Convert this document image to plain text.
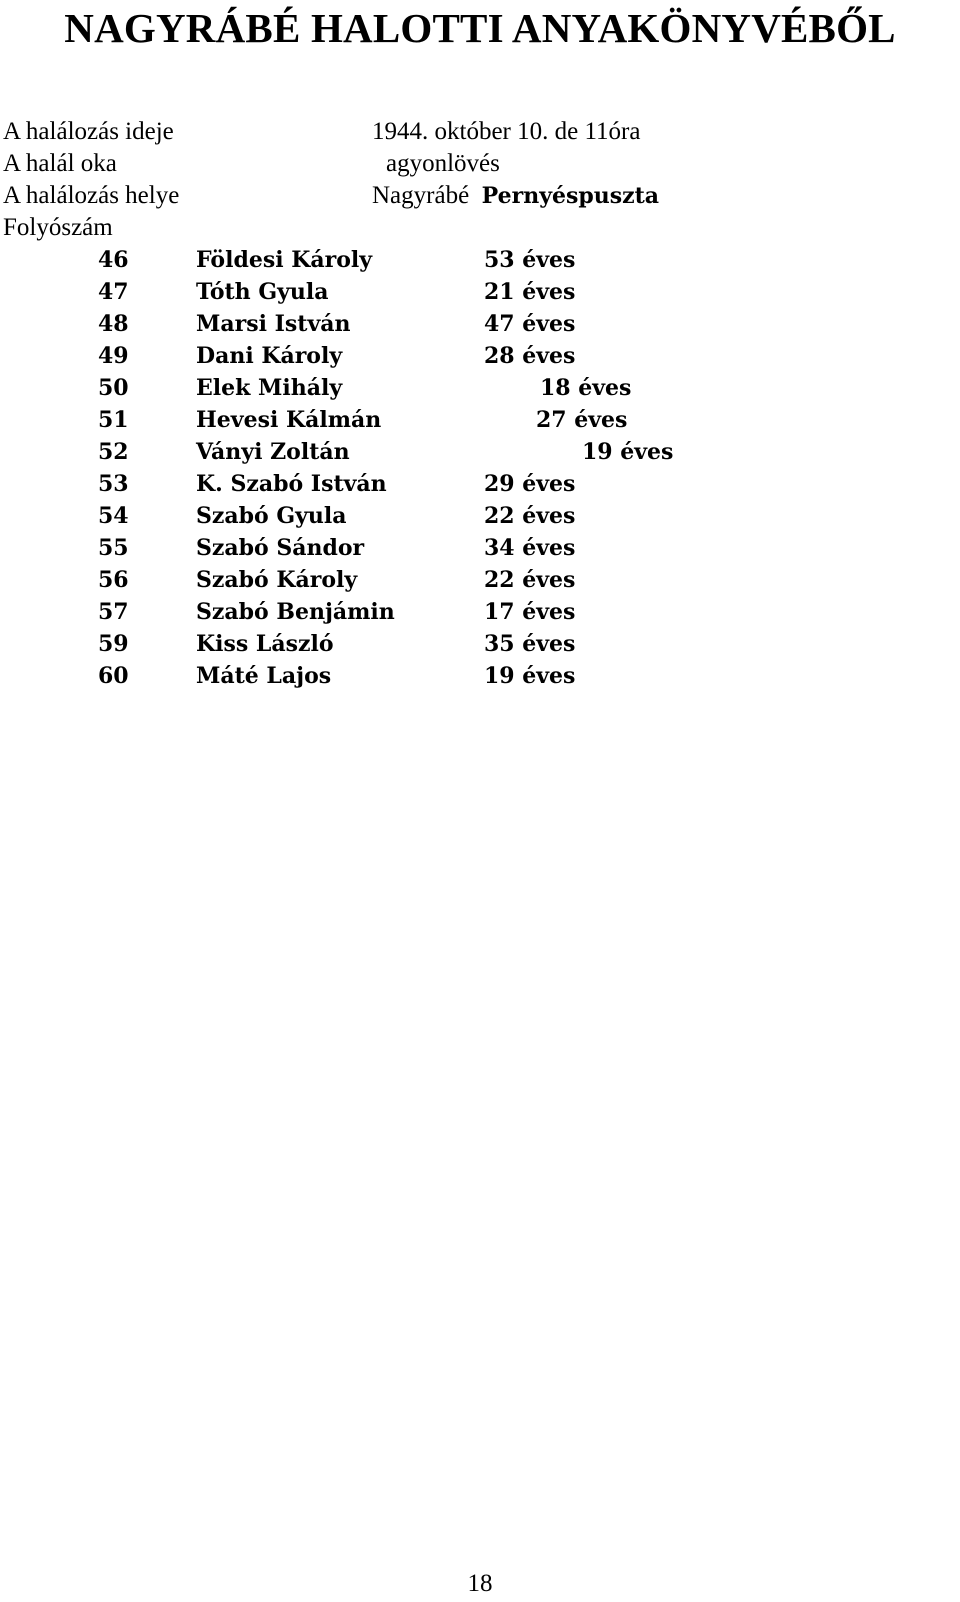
NAGYRÁBÉ HALOTTI ANYAKÖNYVÉBŐL
A halálozás ideje	1944. október 10. de 11óra
A halál oka	agyonlövés
A halálozás helye	Nagyrábé Pernyéspuszta
Folyószám
46	Földesi Károly	53 éves
47	Tóth Gyula	21 éves
48	Marsi István	47 éves
49	Dani Károly	28 éves
50	Elek Mihály	18 éves
51	Hevesi Kálmán	27 éves
52	Ványi Zoltán	19 éves
53	K. Szabó István	29 éves
54	Szabó Gyula	22 éves
55	Szabó Sándor	34 éves
56	Szabó Károly	22 éves
57	Szabó Benjámin	17 éves
59	Kiss László	35 éves
60	Máté Lajos	19 éves
18
